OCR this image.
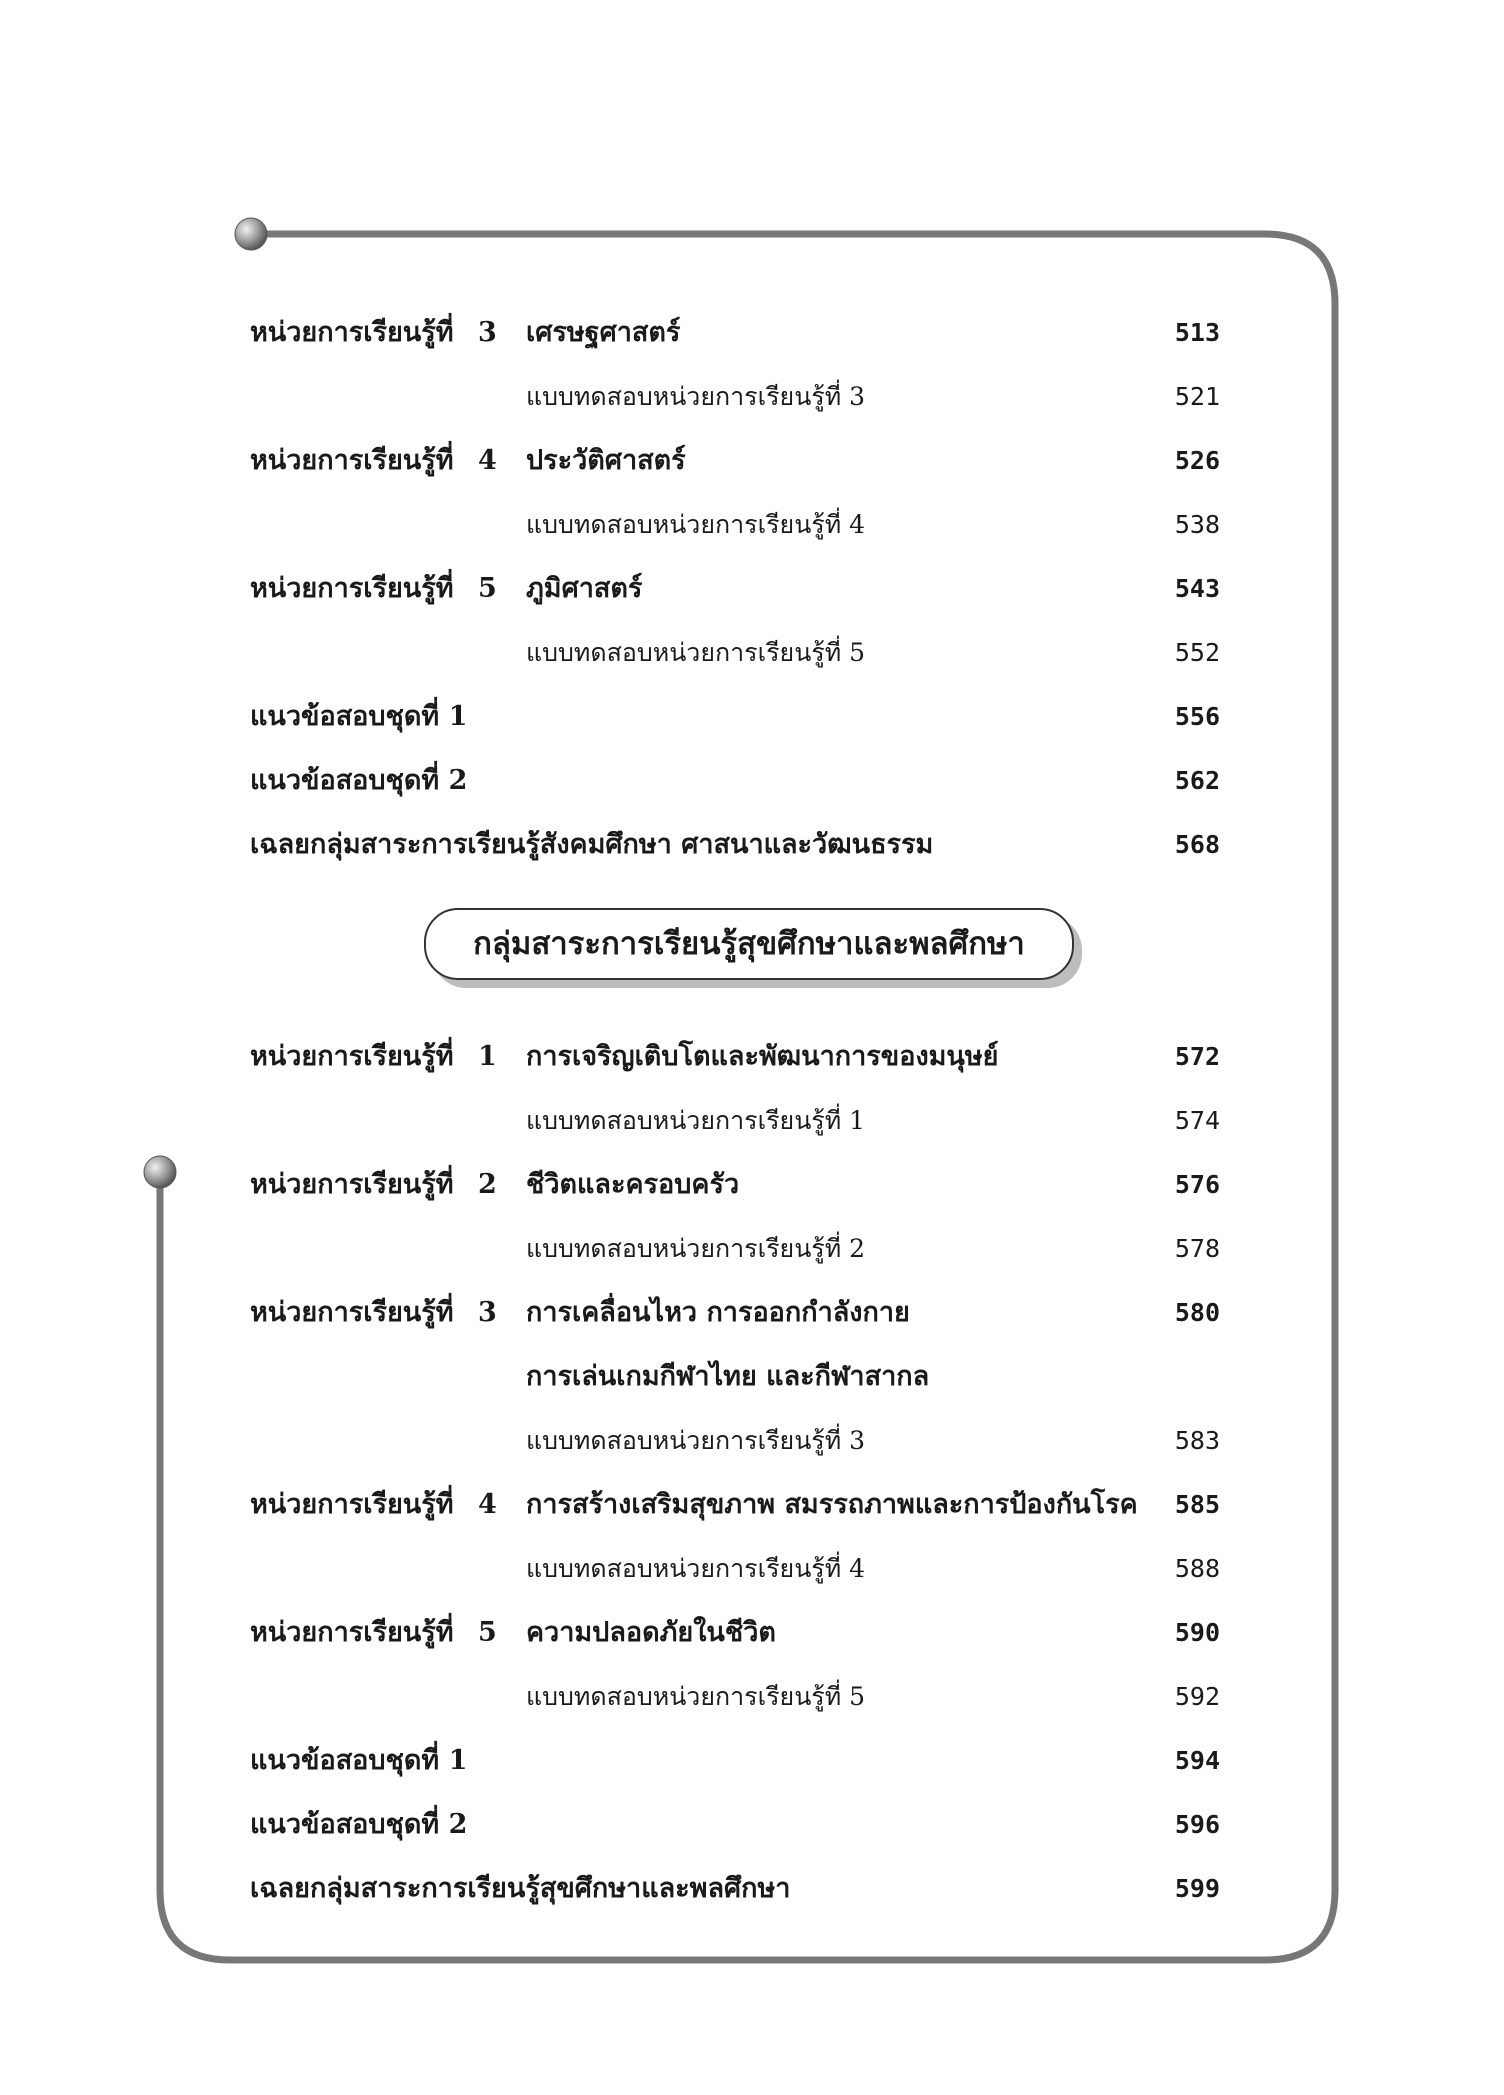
หน่วยการเรียนรู้ที่ 3 เศรษฐศาสตร์	513
แบบทดสอบหน่วยการเรียนรู้ที่ 3	521
หน่วยการเรียนรู้ที่ 4 ประวัติศาสตร์	526
แบบทดสอบหน่วยการเรียนรู้ที่ 4	538
หน่วยการเรียนรู้ที่ 5 ภูมิศาสตร์	543
แบบทดสอบหน่วยการเรียนรู้ที่ 5	552
แนวข้อสอบชุดที่ 1	556
แนวข้อสอบชุดที่ 2	562
เฉลยกลุ่มสาระการเรียนรู้สังคมศึกษา ศาสนาและวัฒนธรรม	568
หน่วยการเรียนรู้ที่ 1 การเจริญเติบโตและพัฒนาการของมนุษย์	572
แบบทดสอบหน่วยการเรียนรู้ที่ 1	574
หน่วยการเรียนรู้ที่ 2 ชีวิตและครอบครัว	576
แบบทดสอบหน่วยการเรียนรู้ที่ 2	578
หน่วยการเรียนรู้ที่ 3 การเคลื่อนไหว การออกกำลังกาย	580
การเล่นเกมกีฬาไทย และกีฬาสากล
แบบทดสอบหน่วยการเรียนรู้ที่ 3	583
หน่วยการเรียนรู้ที่ 4 การสร้างเสริมสุขภาพ สมรรถภาพและการป้องกันโรค 585
แบบทดสอบหน่วยการเรียนรู้ที่ 4	588
หน่วยการเรียนรู้ที่ 5 ความปลอดภัยในชีวิต	590
แบบทดสอบหน่วยการเรียนรู้ที่ 5	592
แนวข้อสอบชุดที่ 1	594
แนวข้อสอบชุดที่ 2	596
เฉลยกลุ่มสาระการเรียนรู้สุขศึกษาและพลศึกษา	599
กลุ่มสาระการเรียนรู้สุขศึกษาและพลศึกษา
